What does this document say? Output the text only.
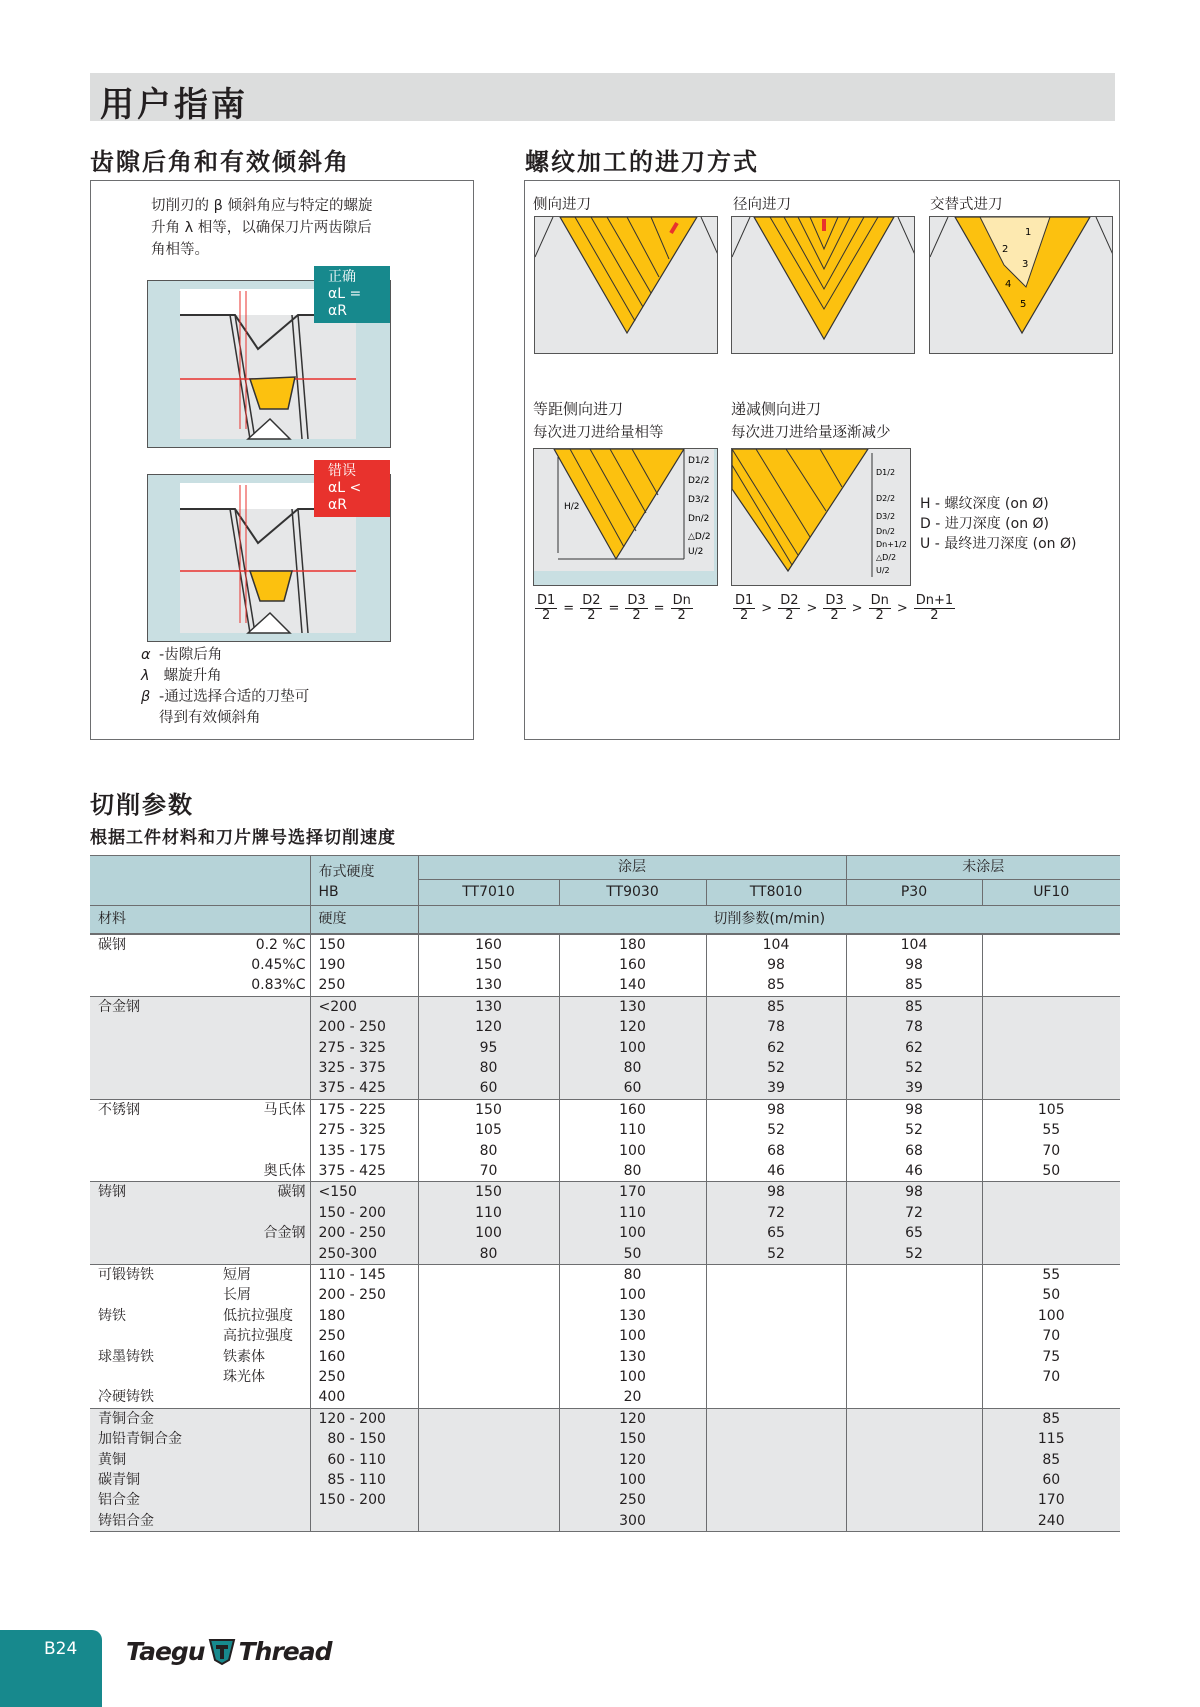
用户指南
齿隙后角和有效倾斜角
切削刃的 β 倾斜角应与特定的螺旋
升角 λ 相等，以确保刀片两齿隙后
角相等。
正确
αL = αR
错误
αL < αR
α -齿隙后角
λ 螺旋升角
β -通过选择合适的刀垫可
得到有效倾斜角
螺纹加工的进刀方式
侧向进刀	径向进刀	交替式进刀
1
2
3
4
5
等距侧向进刀
每次进刀进给量相等
递减侧向进刀
每次进刀进给量逐渐减少
H/2
D1/2
D2/2
D3/2
Dn/2
△D/2
U/2
D1/2
D2/2
D3/2
Dn/2
Dn+1/2
△D/2
U/2
$\frac{D1}{2} = \frac{D2}{2} = \frac{D3}{2} = \frac{Dn}{2}$	$\frac{D1}{2} > \frac{D2}{2} > \frac{D3}{2} > \frac{Dn}{2} > \frac{Dn+1}{2}$
H - 螺纹深度 (on Ø)
D - 进刀深度 (on Ø)
U - 最终进刀深度 (on Ø)
切削参数
根据工件材料和刀片牌号选择切削速度

		布式硬度
HB	涂层			未涂层	
			TT7010	TT9030	TT8010	P30	UF10
材料		硬度	切削参数(m/min)				
碳钢	0.2 %C	150	160	180	104	104	
	0.45%C	190	150	160	98	98	
	0.83%C	250	130	140	85	85	
合金钢		<200	130	130	85	85	
		200 - 250	120	120	78	78	
		275 - 325	95	100	62	62	
		325 - 375	80	80	52	52	
		375 - 425	60	60	39	39	
不锈钢	马氏体	175 - 225	150	160	98	98	105
		275 - 325	105	110	52	52	55
		135 - 175	80	100	68	68	70
	奥氏体	375 - 425	70	80	46	46	50
铸钢	碳钢	<150	150	170	98	98	
		150 - 200	110	110	72	72	
	合金钢	200 - 250	100	100	65	65	
		250-300	80	50	52	52	
可锻铸铁	短屑	110 - 145		80			55
	长屑	200 - 250		100			50
铸铁	低抗拉强度	180		130			100
	高抗拉强度	250		100			70
球墨铸铁	铁素体	160		130			75
	珠光体	250		100			70
冷硬铸铁		400		20			
青铜合金		120 - 200		120			85
加铅青铜合金		80 - 150		150			115
黄铜		60 - 110		120			85
碳青铜		85 - 110		100			60
铝合金		150 - 200		250			170
铸铝合金				300			240
B24 Taegu Thread
